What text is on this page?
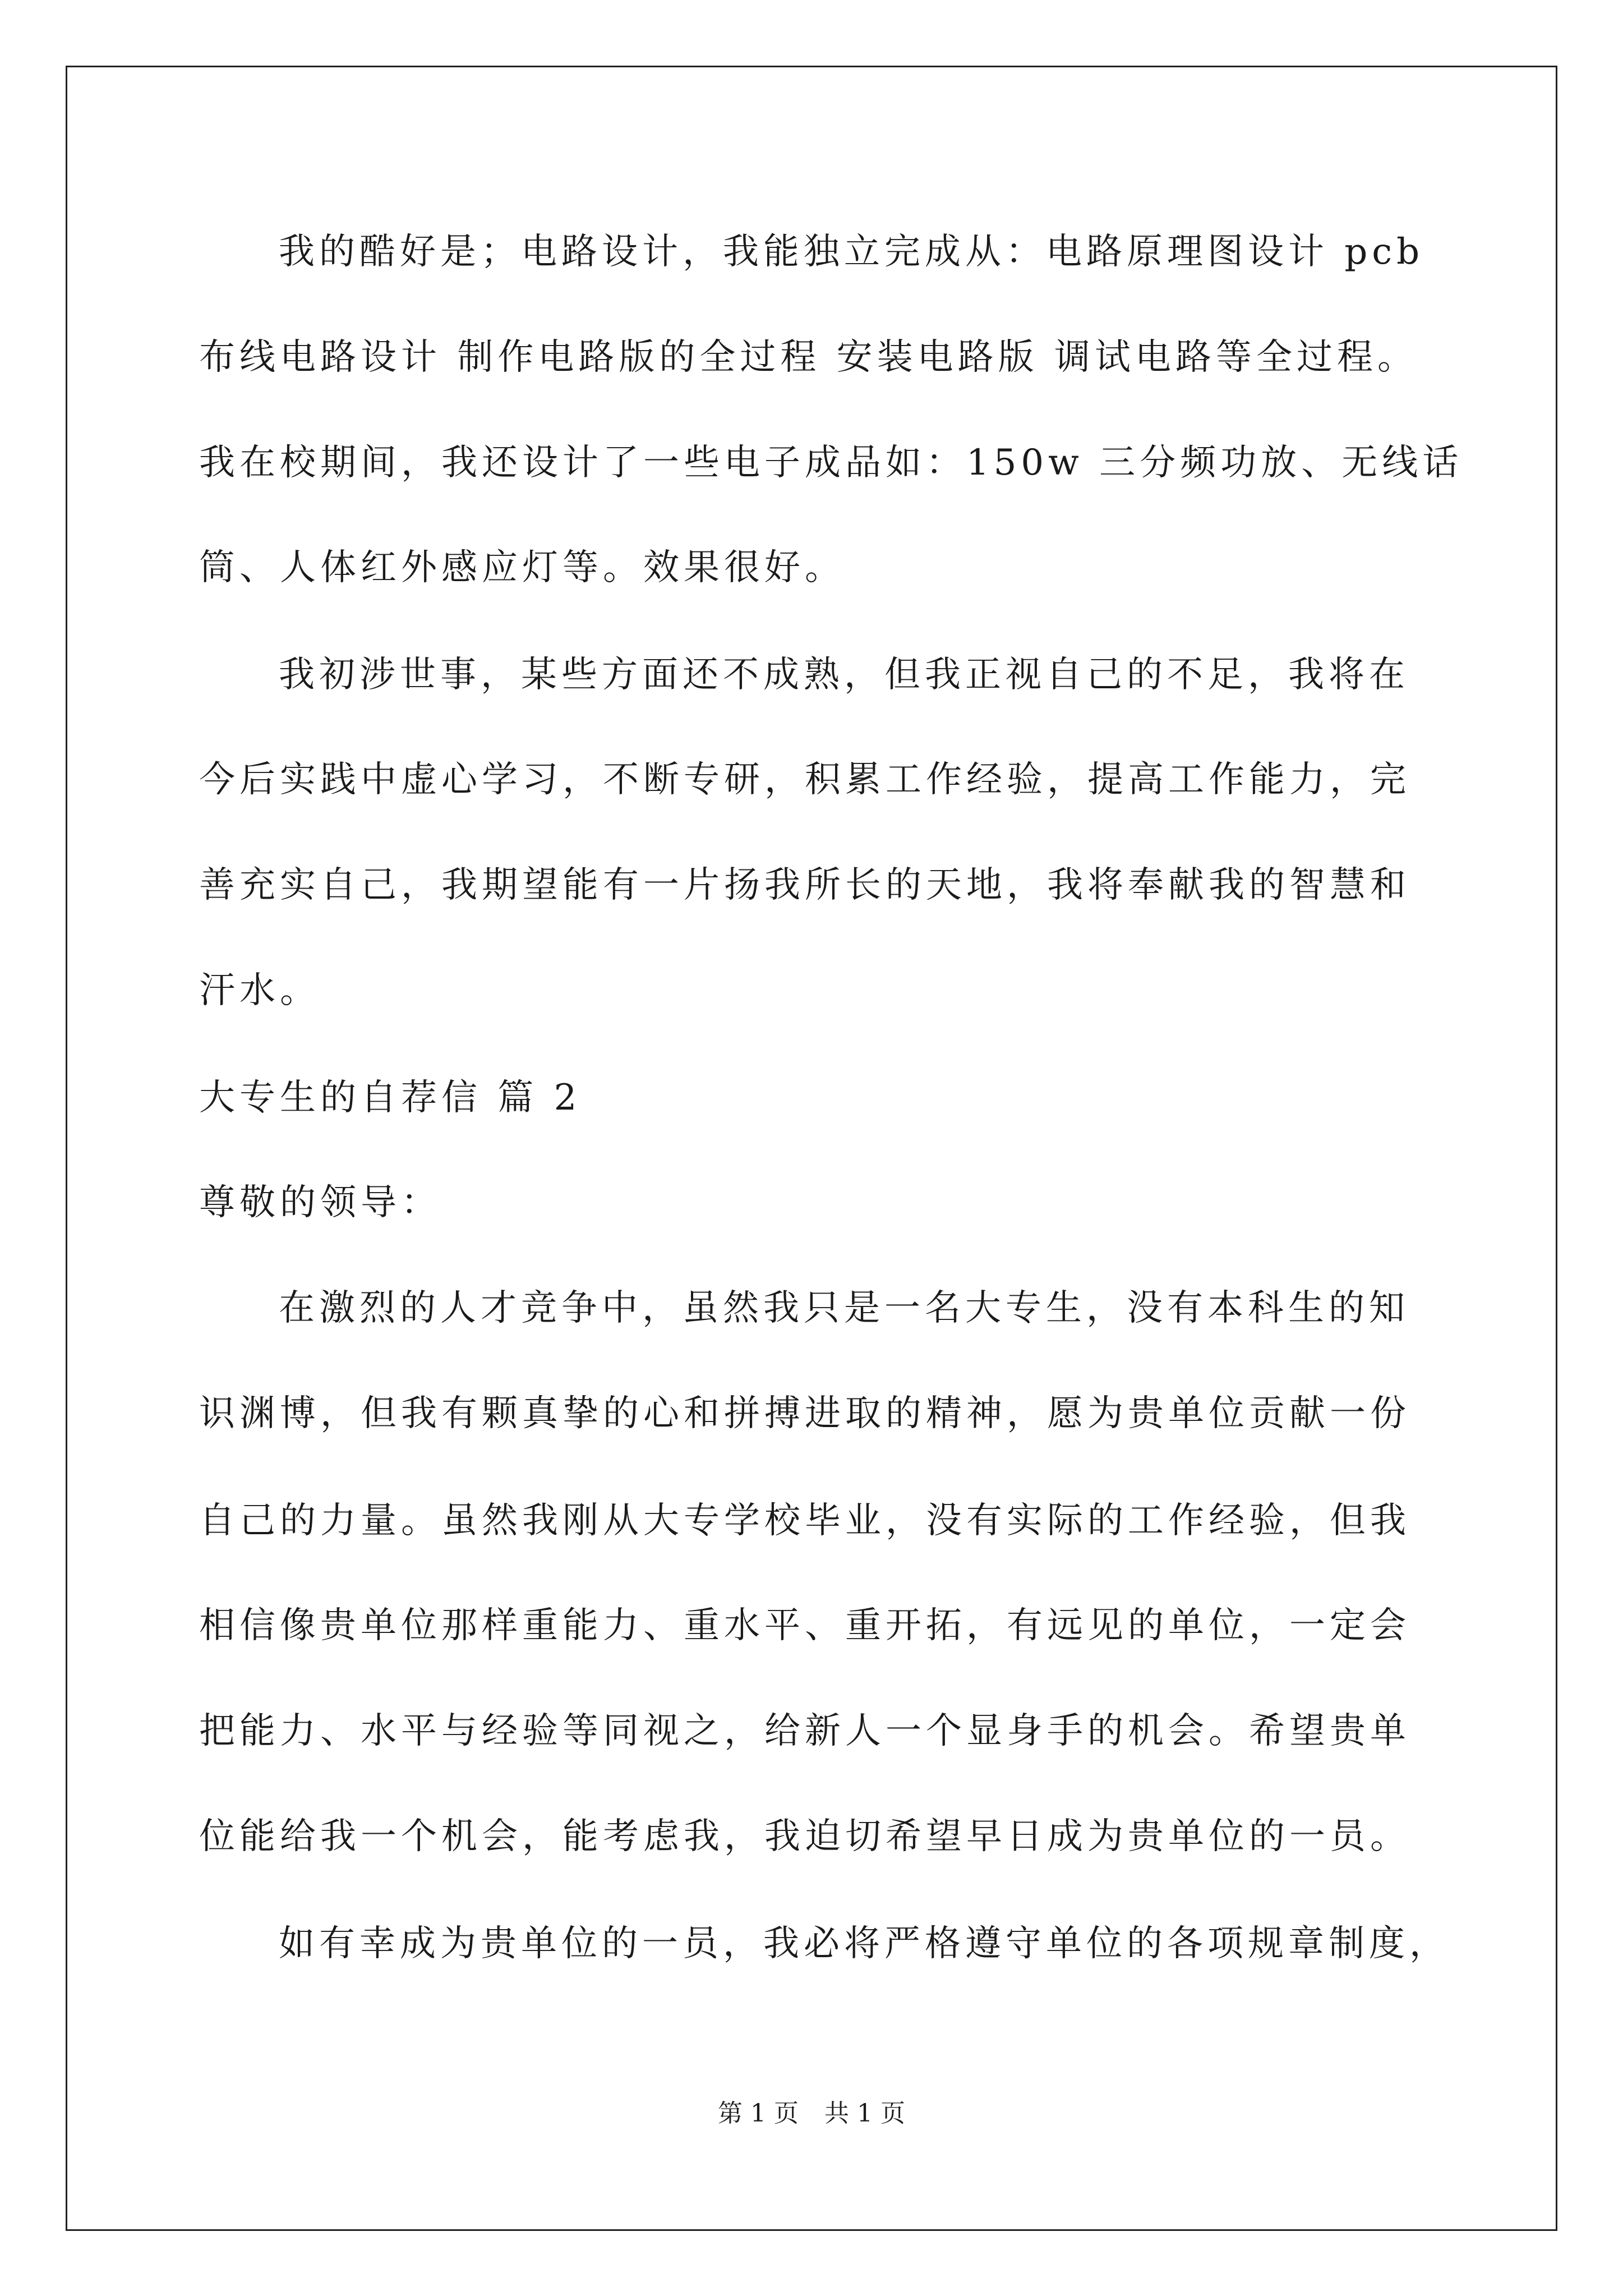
我的酷好是；电路设计，我能独立完成从：电路原理图设计 pcb
布线电路设计 制作电路版的全过程 安装电路版 调试电路等全过程。
我在校期间，我还设计了一些电子成品如：150w 三分频功放、无线话
筒、人体红外感应灯等。效果很好。
我初涉世事，某些方面还不成熟，但我正视自己的不足，我将在
今后实践中虚心学习，不断专研，积累工作经验，提高工作能力，完
善充实自己，我期望能有一片扬我所长的天地，我将奉献我的智慧和
汗水。
大专生的自荐信 篇 2
尊敬的领导：
在激烈的人才竞争中，虽然我只是一名大专生，没有本科生的知
识渊博，但我有颗真挚的心和拼搏进取的精神，愿为贵单位贡献一份
自己的力量。虽然我刚从大专学校毕业，没有实际的工作经验，但我
相信像贵单位那样重能力、重水平、重开拓，有远见的单位，一定会
把能力、水平与经验等同视之，给新人一个显身手的机会。希望贵单
位能给我一个机会，能考虑我，我迫切希望早日成为贵单位的一员。
如有幸成为贵单位的一员，我必将严格遵守单位的各项规章制度，
第 1 页 共 1 页
